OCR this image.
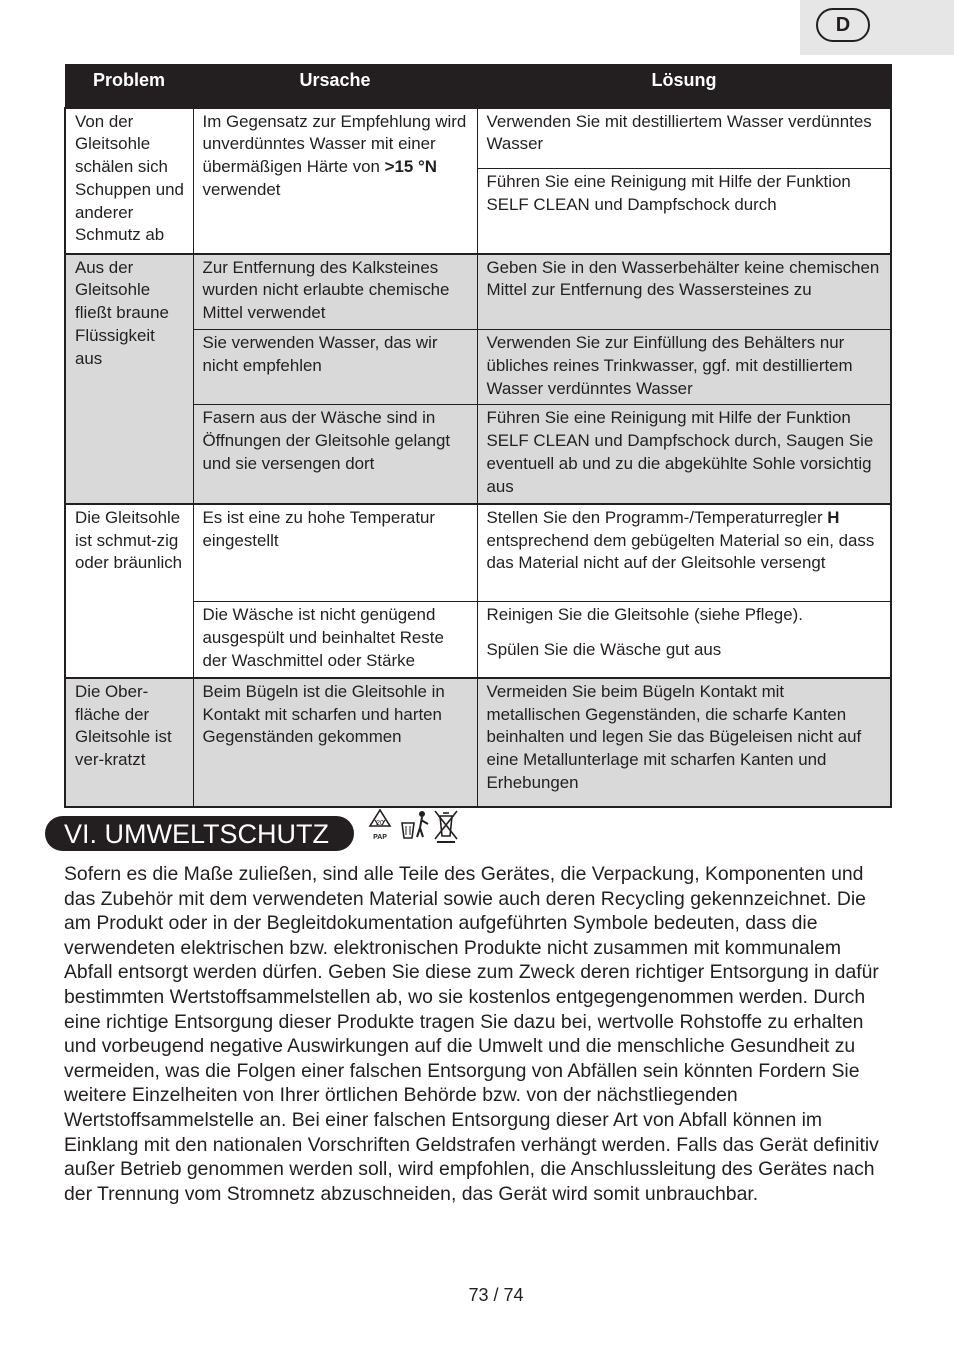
D
Problem	Ursache	Lösung
Von der Gleitsohle schälen sich Schuppen und anderer Schmutz ab	Im Gegensatz zur Empfehlung wird unverdünntes Wasser mit einer übermäßigen Härte von >15 °N verwendet	Verwenden Sie mit destilliertem Wasser verdünntes Wasser
		Führen Sie eine Reinigung mit Hilfe der Funktion SELF CLEAN und Dampfschock durch
Aus der Gleitsohle fließt braune Flüssigkeit aus	Zur Entfernung des Kalksteines wurden nicht erlaubte chemische Mittel verwendet	Geben Sie in den Wasserbehälter keine chemischen Mittel zur Entfernung des Wassersteines zu
	Sie verwenden Wasser, das wir nicht empfehlen	Verwenden Sie zur Einfüllung des Behälters nur übliches reines Trinkwasser, ggf. mit destilliertem Wasser verdünntes Wasser
	Fasern aus der Wäsche sind in Öffnungen der Gleitsohle gelangt und sie versengen dort	Führen Sie eine Reinigung mit Hilfe der Funktion SELF CLEAN und Dampfschock durch, Saugen Sie eventuell ab und zu die abgekühlte Sohle vorsichtig aus
Die Gleitsohle ist schmut-zig oder bräunlich	Es ist eine zu hohe Temperatur eingestellt	Stellen Sie den Programm-/Temperaturregler H entsprechend dem gebügelten Material so ein, dass das Material nicht auf der Gleitsohle versengt
	Die Wäsche ist nicht genügend ausgespült und beinhaltet Reste der Waschmittel oder Stärke	Reinigen Sie die Gleitsohle (siehe Pflege).
Spülen Sie die Wäsche gut aus

Die Ober-fläche der Gleitsohle ist ver-kratzt	Beim Bügeln ist die Gleitsohle in Kontakt mit scharfen und harten Gegenständen gekommen	Vermeiden Sie beim Bügeln Kontakt mit metallischen Gegenständen, die scharfe Kanten beinhalten und legen Sie das Bügeleisen nicht auf eine Metallunterlage mit scharfen Kanten und Erhebungen
VI. UMWELTSCHUTZ	20
PAP

Sofern es die Maße zuließen, sind alle Teile des Gerätes, die Verpackung, Komponenten und das Zubehör mit dem verwendeten Material sowie auch deren Recycling gekennzeichnet. Die am Produkt oder in der Begleitdokumentation aufgeführten Symbole bedeuten, dass die verwendeten elektrischen bzw. elektronischen Produkte nicht zusammen mit kommunalem Abfall entsorgt werden dürfen. Geben Sie diese zum Zweck deren richtiger Entsorgung in dafür bestimmten Wertstoffsammelstellen ab, wo sie kostenlos entgegengenommen werden. Durch eine richtige Entsorgung dieser Produkte tragen Sie dazu bei, wertvolle Rohstoffe zu erhalten und vorbeugend negative Auswirkungen auf die Umwelt und die menschliche Gesundheit zu vermeiden, was die Folgen einer falschen Entsorgung von Abfällen sein könnten Fordern Sie weitere Einzelheiten von Ihrer örtlichen Behörde bzw. von der nächstliegenden Wertstoffsammelstelle an. Bei einer falschen Entsorgung dieser Art von Abfall können im Einklang mit den nationalen Vorschriften Geldstrafen verhängt werden. Falls das Gerät definitiv außer Betrieb genommen werden soll, wird empfohlen, die Anschlussleitung des Gerätes nach der Trennung vom Stromnetz abzuschneiden, das Gerät wird somit unbrauchbar.

73 / 74
